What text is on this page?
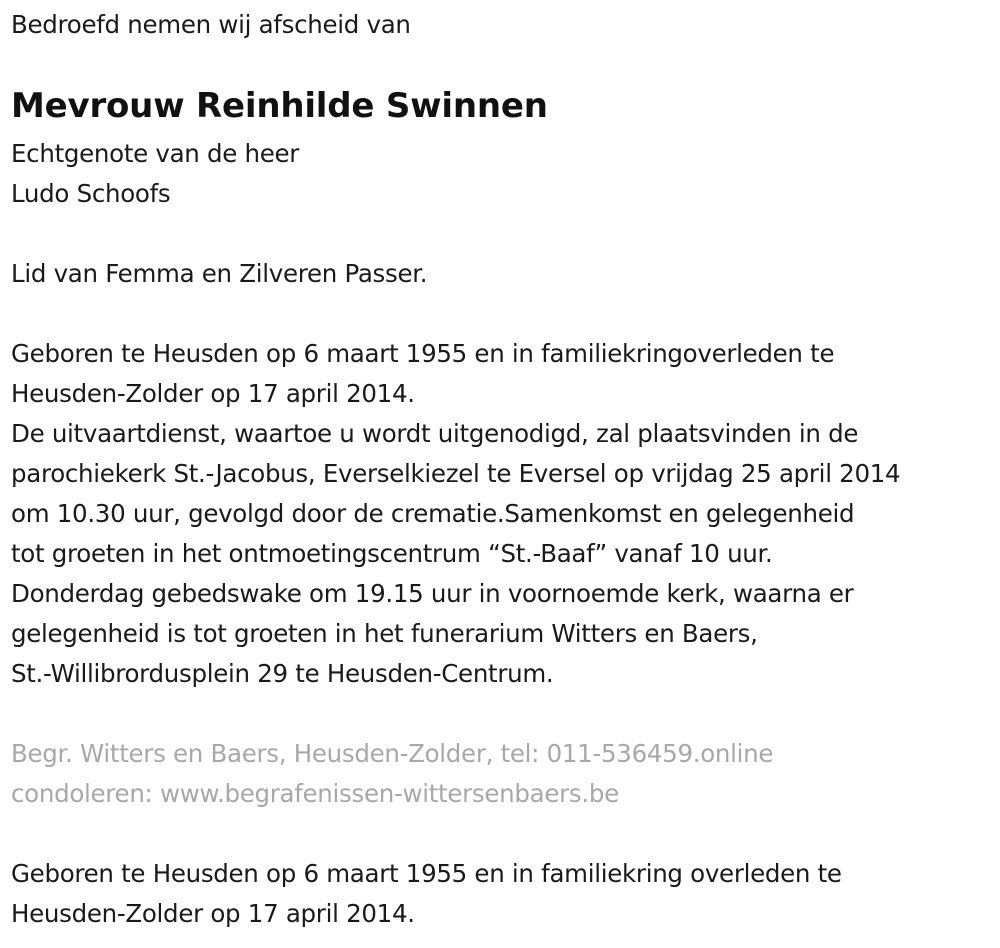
Bedroefd nemen wij afscheid van
Mevrouw Reinhilde Swinnen
Echtgenote van de heer
Ludo Schoofs
Lid van Femma en Zilveren Passer.
Geboren te Heusden op 6 maart 1955 en in familiekringoverleden te
Heusden-Zolder op 17 april 2014.
De uitvaartdienst, waartoe u wordt uitgenodigd, zal plaatsvinden in de
parochiekerk St.-Jacobus, Everselkiezel te Eversel op vrijdag 25 april 2014
om 10.30 uur, gevolgd door de crematie.Samenkomst en gelegenheid
tot groeten in het ontmoetingscentrum “St.-Baaf” vanaf 10 uur.
Donderdag gebedswake om 19.15 uur in voornoemde kerk, waarna er
gelegenheid is tot groeten in het funerarium Witters en Baers,
St.-Willibrordusplein 29 te Heusden-Centrum.
Begr. Witters en Baers, Heusden-Zolder, tel: 011-536459.online
condoleren: www.begrafenissen-wittersenbaers.be
Geboren te Heusden op 6 maart 1955 en in familiekring overleden te
Heusden-Zolder op 17 april 2014.
